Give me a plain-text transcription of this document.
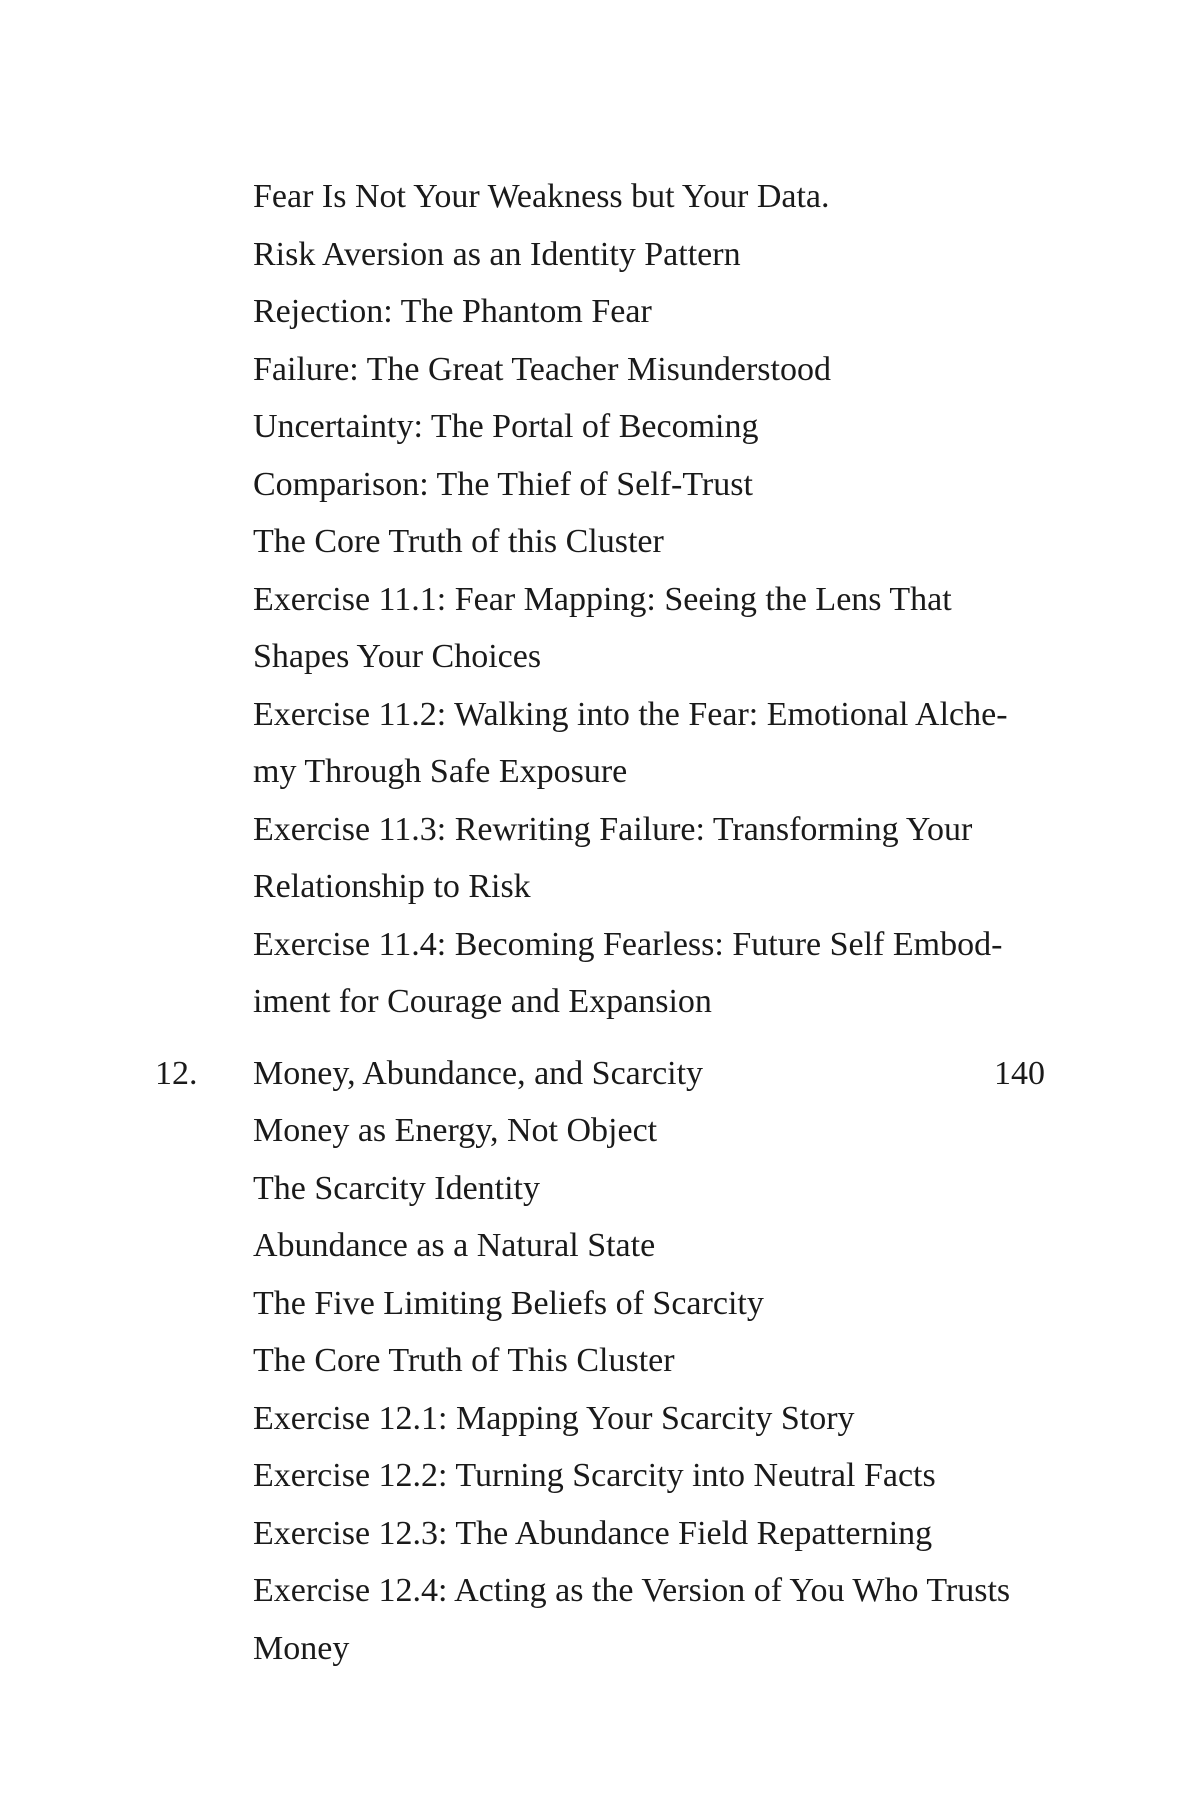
Fear Is Not Your Weakness but Your Data.
Risk Aversion as an Identity Pattern
Rejection: The Phantom Fear
Failure: The Great Teacher Misunderstood
Uncertainty: The Portal of Becoming
Comparison: The Thief of Self-Trust
The Core Truth of this Cluster
Exercise 11.1: Fear Mapping: Seeing the Lens That
Shapes Your Choices
Exercise 11.2: Walking into the Fear: Emotional Alche-
my Through Safe Exposure
Exercise 11.3: Rewriting Failure: Transforming Your
Relationship to Risk
Exercise 11.4: Becoming Fearless: Future Self Embod-
iment for Courage and Expansion
12.	Money, Abundance, and Scarcity	140
Money as Energy, Not Object
The Scarcity Identity
Abundance as a Natural State
The Five Limiting Beliefs of Scarcity
The Core Truth of This Cluster
Exercise 12.1: Mapping Your Scarcity Story
Exercise 12.2: Turning Scarcity into Neutral Facts
Exercise 12.3: The Abundance Field Repatterning
Exercise 12.4: Acting as the Version of You Who Trusts
Money
